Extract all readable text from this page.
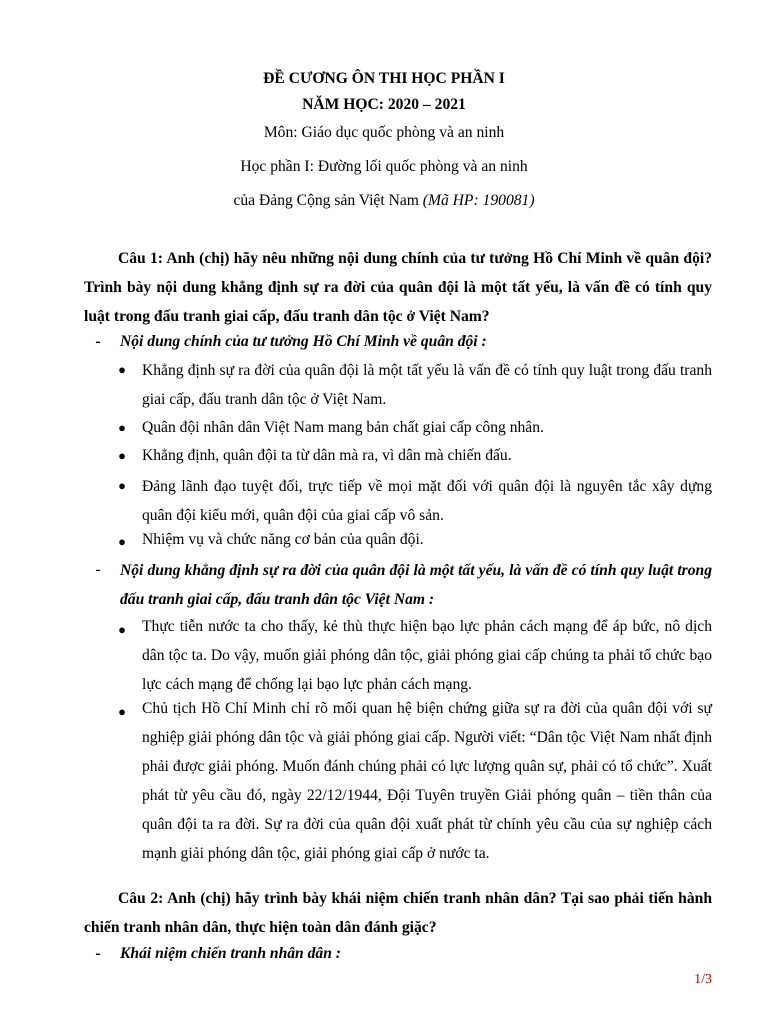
ĐỀ CƯƠNG ÔN THI HỌC PHẦN I
NĂM HỌC: 2020 – 2021
Môn: Giáo dục quốc phòng và an ninh
Học phần I: Đường lối quốc phòng và an ninh
của Đảng Cộng sản Việt Nam (Mã HP: 190081)
Câu 1: Anh (chị) hãy nêu những nội dung chính của tư tưởng Hồ Chí Minh về quân đội? Trình bày nội dung khẳng định sự ra đời của quân đội là một tất yếu, là vấn đề có tính quy luật trong đấu tranh giai cấp, đấu tranh dân tộc ở Việt Nam?
-	Nội dung chính của tư tưởng Hồ Chí Minh về quân đội :
● Khẳng định sự ra đời của quân đội là một tất yếu là vấn đề có tính quy luật trong đấu tranh giai cấp, đấu tranh dân tộc ở Việt Nam.
● Quân đội nhân dân Việt Nam mang bản chất giai cấp công nhân.
● Khẳng định, quân đội ta từ dân mà ra, vì dân mà chiến đấu.
● Đảng lãnh đạo tuyệt đối, trực tiếp về mọi mặt đối với quân đội là nguyên tắc xây dựng quân đội kiểu mới, quân đội của giai cấp vô sản.
● Nhiệm vụ và chức năng cơ bản của quân đội.
-	Nội dung khẳng định sự ra đời của quân đội là một tất yếu, là vấn đề có tính quy luật trong đấu tranh giai cấp, đấu tranh dân tộc Việt Nam :
● Thực tiễn nước ta cho thấy, kẻ thù thực hiện bạo lực phản cách mạng để áp bức, nô dịch dân tộc ta. Do vậy, muốn giải phóng dân tộc, giải phóng giai cấp chúng ta phải tổ chức bạo lực cách mạng để chống lại bạo lực phản cách mạng.
● Chủ tịch Hồ Chí Minh chỉ rõ mối quan hệ biện chứng giữa sự ra đời của quân đội với sự nghiệp giải phóng dân tộc và giải phóng giai cấp. Người viết: “Dân tộc Việt Nam nhất định phải được giải phóng. Muốn đánh chúng phải có lực lượng quân sự, phải có tổ chức”. Xuất phát từ yêu cầu đó, ngày 22/12/1944, Đội Tuyên truyền Giải phóng quân – tiền thân của quân đội ta ra đời. Sự ra đời của quân đội xuất phát từ chính yêu cầu của sự nghiệp cách mạnh giải phóng dân tộc, giải phóng giai cấp ở nước ta.
Câu 2: Anh (chị) hãy trình bày khái niệm chiến tranh nhân dân? Tại sao phải tiến hành chiến tranh nhân dân, thực hiện toàn dân đánh giặc?
-	Khái niệm chiến tranh nhân dân :
1/3
